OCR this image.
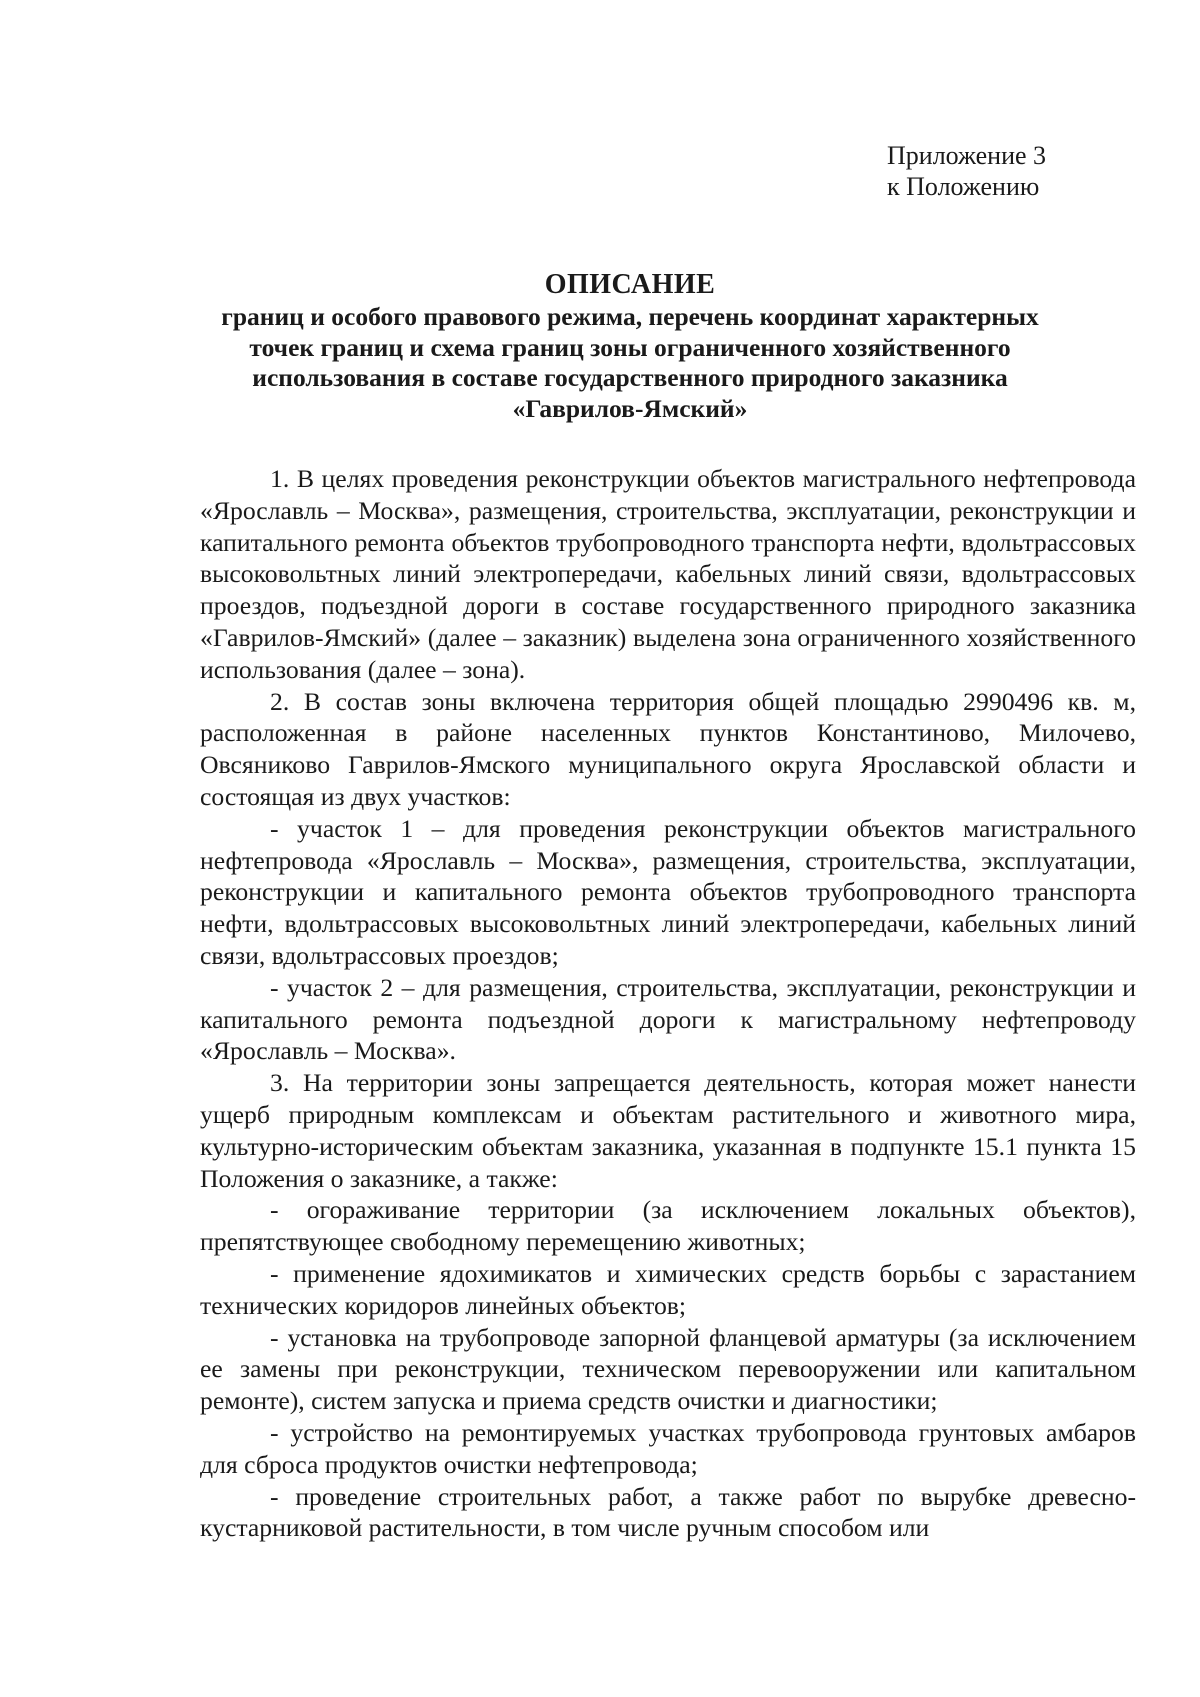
Приложение 3
к Положению
ОПИСАНИЕ
границ и особого правового режима, перечень координат характерных
точек границ и схема границ зоны ограниченного хозяйственного
использования в составе государственного природного заказника
«Гаврилов-Ямский»

1. В целях проведения реконструкции объектов магистрального нефтепровода «Ярославль – Москва», размещения, строительства, эксплуатации, реконструкции и капитального ремонта объектов трубопроводного транспорта нефти, вдольтрассовых высоковольтных линий электропередачи, кабельных линий связи, вдольтрассовых проездов, подъездной дороги в составе государственного природного заказника «Гаврилов-Ямский» (далее – заказник) выделена зона ограниченного хозяйственного использования (далее – зона).

2. В состав зоны включена территория общей площадью 2990496 кв. м, расположенная в районе населенных пунктов Константиново, Милочево, Овсяниково Гаврилов-Ямского муниципального округа Ярославской области и состоящая из двух участков:

- участок 1 – для проведения реконструкции объектов магистрального нефтепровода «Ярославль – Москва», размещения, строительства, эксплуатации, реконструкции и капитального ремонта объектов трубопроводного транспорта нефти, вдольтрассовых высоковольтных линий электропередачи, кабельных линий связи, вдольтрассовых проездов;

- участок 2 – для размещения, строительства, эксплуатации, реконструкции и капитального ремонта подъездной дороги к магистральному нефтепроводу «Ярославль – Москва».

3. На территории зоны запрещается деятельность, которая может нанести ущерб природным комплексам и объектам растительного и животного мира, культурно-историческим объектам заказника, указанная в подпункте 15.1 пункта 15 Положения о заказнике, а также:

- огораживание территории (за исключением локальных объектов), препятствующее свободному перемещению животных;

- применение ядохимикатов и химических средств борьбы с зарастанием технических коридоров линейных объектов;

- установка на трубопроводе запорной фланцевой арматуры (за исключением ее замены при реконструкции, техническом перевооружении или капитальном ремонте), систем запуска и приема средств очистки и диагностики;

- устройство на ремонтируемых участках трубопровода грунтовых амбаров для сброса продуктов очистки нефтепровода;

- проведение строительных работ, а также работ по вырубке древесно-кустарниковой растительности, в том числе ручным способом или
